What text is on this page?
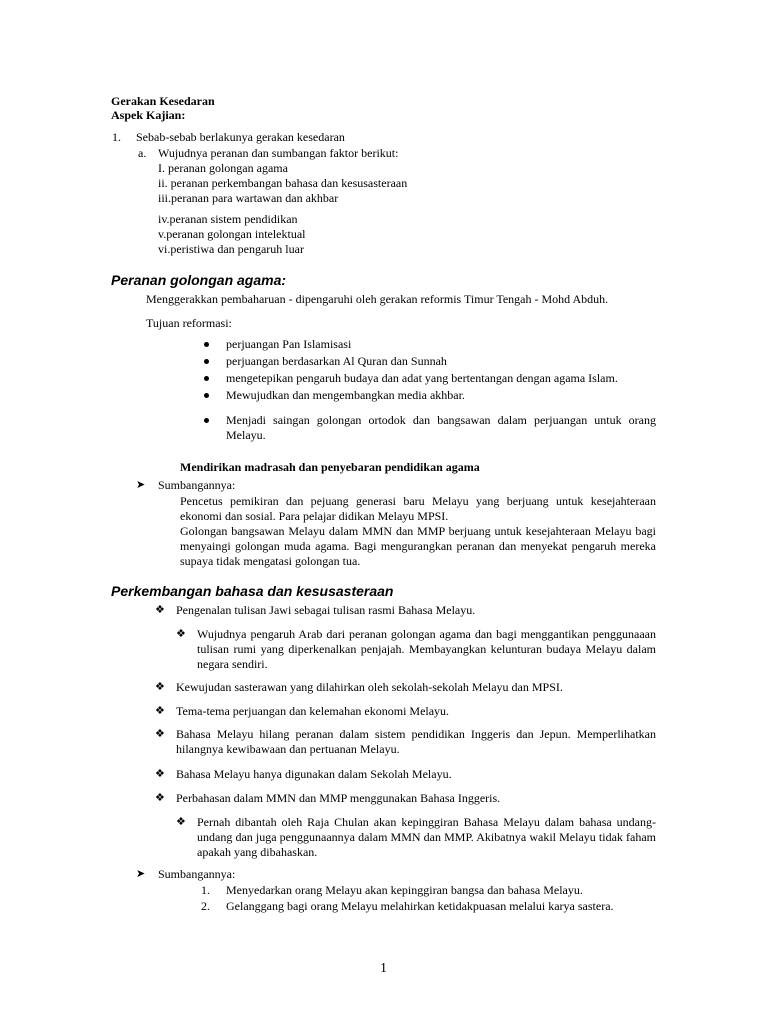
Gerakan Kesedaran
Aspek Kajian:
1. Sebab-sebab berlakunya gerakan kesedaran
a. Wujudnya peranan dan sumbangan faktor berikut:
I. peranan golongan agama
ii. peranan perkembangan bahasa dan kesusasteraan
iii.peranan para wartawan dan akhbar
iv.peranan sistem pendidikan
v.peranan golongan intelektual
vi.peristiwa dan pengaruh luar
Peranan golongan agama:
Menggerakkan pembaharuan - dipengaruhi oleh gerakan reformis Timur Tengah - Mohd Abduh.
Tujuan reformasi:
perjuangan Pan Islamisasi
perjuangan berdasarkan Al Quran dan Sunnah
mengetepikan pengaruh budaya dan adat yang bertentangan dengan agama Islam.
Mewujudkan dan mengembangkan media akhbar.
Menjadi saingan golongan ortodok dan bangsawan dalam perjuangan untuk orang Melayu.
Mendirikan madrasah dan penyebaran pendidikan agama
➤ Sumbangannya:
Pencetus pemikiran dan pejuang generasi baru Melayu yang berjuang untuk kesejahteraan ekonomi dan sosial. Para pelajar didikan Melayu MPSI.
Golongan bangsawan Melayu dalam MMN dan MMP berjuang untuk kesejahteraan Melayu bagi menyaingi golongan muda agama. Bagi mengurangkan peranan dan menyekat pengaruh mereka supaya tidak mengatasi golongan tua.
Perkembangan bahasa dan kesusasteraan
❖ Pengenalan tulisan Jawi sebagai tulisan rasmi Bahasa Melayu.
❖ Wujudnya pengaruh Arab dari peranan golongan agama dan bagi menggantikan penggunaaan tulisan rumi yang diperkenalkan penjajah. Membayangkan kelunturan budaya Melayu dalam negara sendiri.
❖ Kewujudan sasterawan yang dilahirkan oleh sekolah-sekolah Melayu dan MPSI.
❖ Tema-tema perjuangan dan kelemahan ekonomi Melayu.
❖ Bahasa Melayu hilang peranan dalam sistem pendidikan Inggeris dan Jepun. Memperlihatkan hilangnya kewibawaan dan pertuanan Melayu.
❖ Bahasa Melayu hanya digunakan dalam Sekolah Melayu.
❖ Perbahasan dalam MMN dan MMP menggunakan Bahasa Inggeris.
❖ Pernah dibantah oleh Raja Chulan akan kepinggiran Bahasa Melayu dalam bahasa undang-undang dan juga penggunaannya dalam MMN dan MMP. Akibatnya wakil Melayu tidak faham apakah yang dibahaskan.
➤ Sumbangannya:
1. Menyedarkan orang Melayu akan kepinggiran bangsa dan bahasa Melayu.
2. Gelanggang bagi orang Melayu melahirkan ketidakpuasan melalui karya sastera.
1
